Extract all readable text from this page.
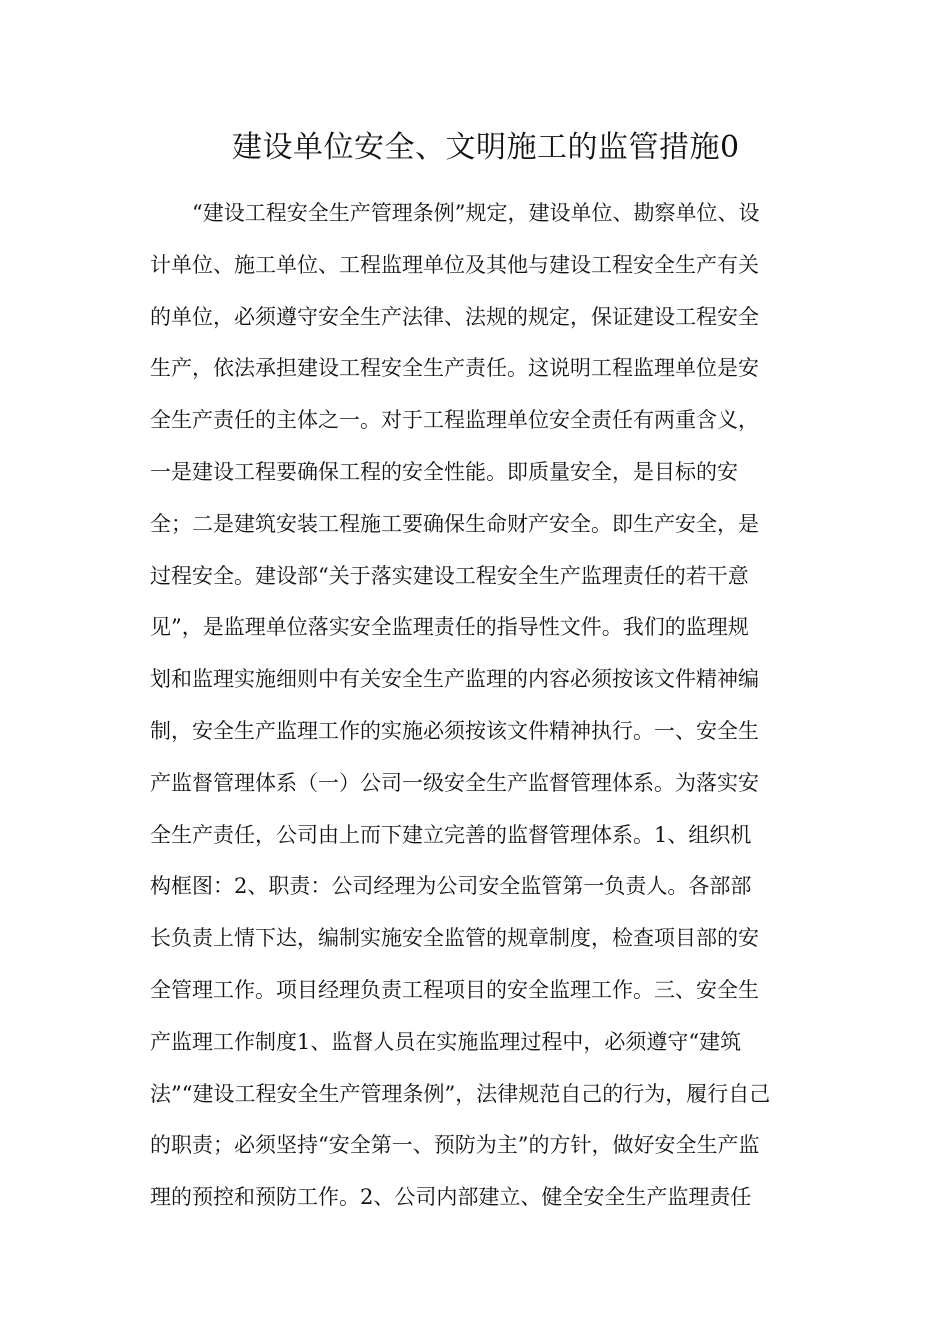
建设单位安全、文明施工的监管措施0
　　“建设工程安全生产管理条例”规定，建设单位、勘察单位、设
计单位、施工单位、工程监理单位及其他与建设工程安全生产有关
的单位，必须遵守安全生产法律、法规的规定，保证建设工程安全
生产，依法承担建设工程安全生产责任。这说明工程监理单位是安
全生产责任的主体之一。对于工程监理单位安全责任有两重含义，
一是建设工程要确保工程的安全性能。即质量安全，是目标的安
全；二是建筑安装工程施工要确保生命财产安全。即生产安全，是
过程安全。建设部“关于落实建设工程安全生产监理责任的若干意
见”，是监理单位落实安全监理责任的指导性文件。我们的监理规
划和监理实施细则中有关安全生产监理的内容必须按该文件精神编
制，安全生产监理工作的实施必须按该文件精神执行。一、安全生
产监督管理体系（一）公司一级安全生产监督管理体系。为落实安
全生产责任，公司由上而下建立完善的监督管理体系。1、组织机
构框图：2、职责：公司经理为公司安全监管第一负责人。各部部
长负责上情下达，编制实施安全监管的规章制度，检查项目部的安
全管理工作。项目经理负责工程项目的安全监理工作。三、安全生
产监理工作制度1、监督人员在实施监理过程中，必须遵守“建筑
法”“建设工程安全生产管理条例”，法律规范自己的行为，履行自己
的职责；必须坚持“安全第一、预防为主”的方针，做好安全生产监
理的预控和预防工作。2、公司内部建立、健全安全生产监理责任
